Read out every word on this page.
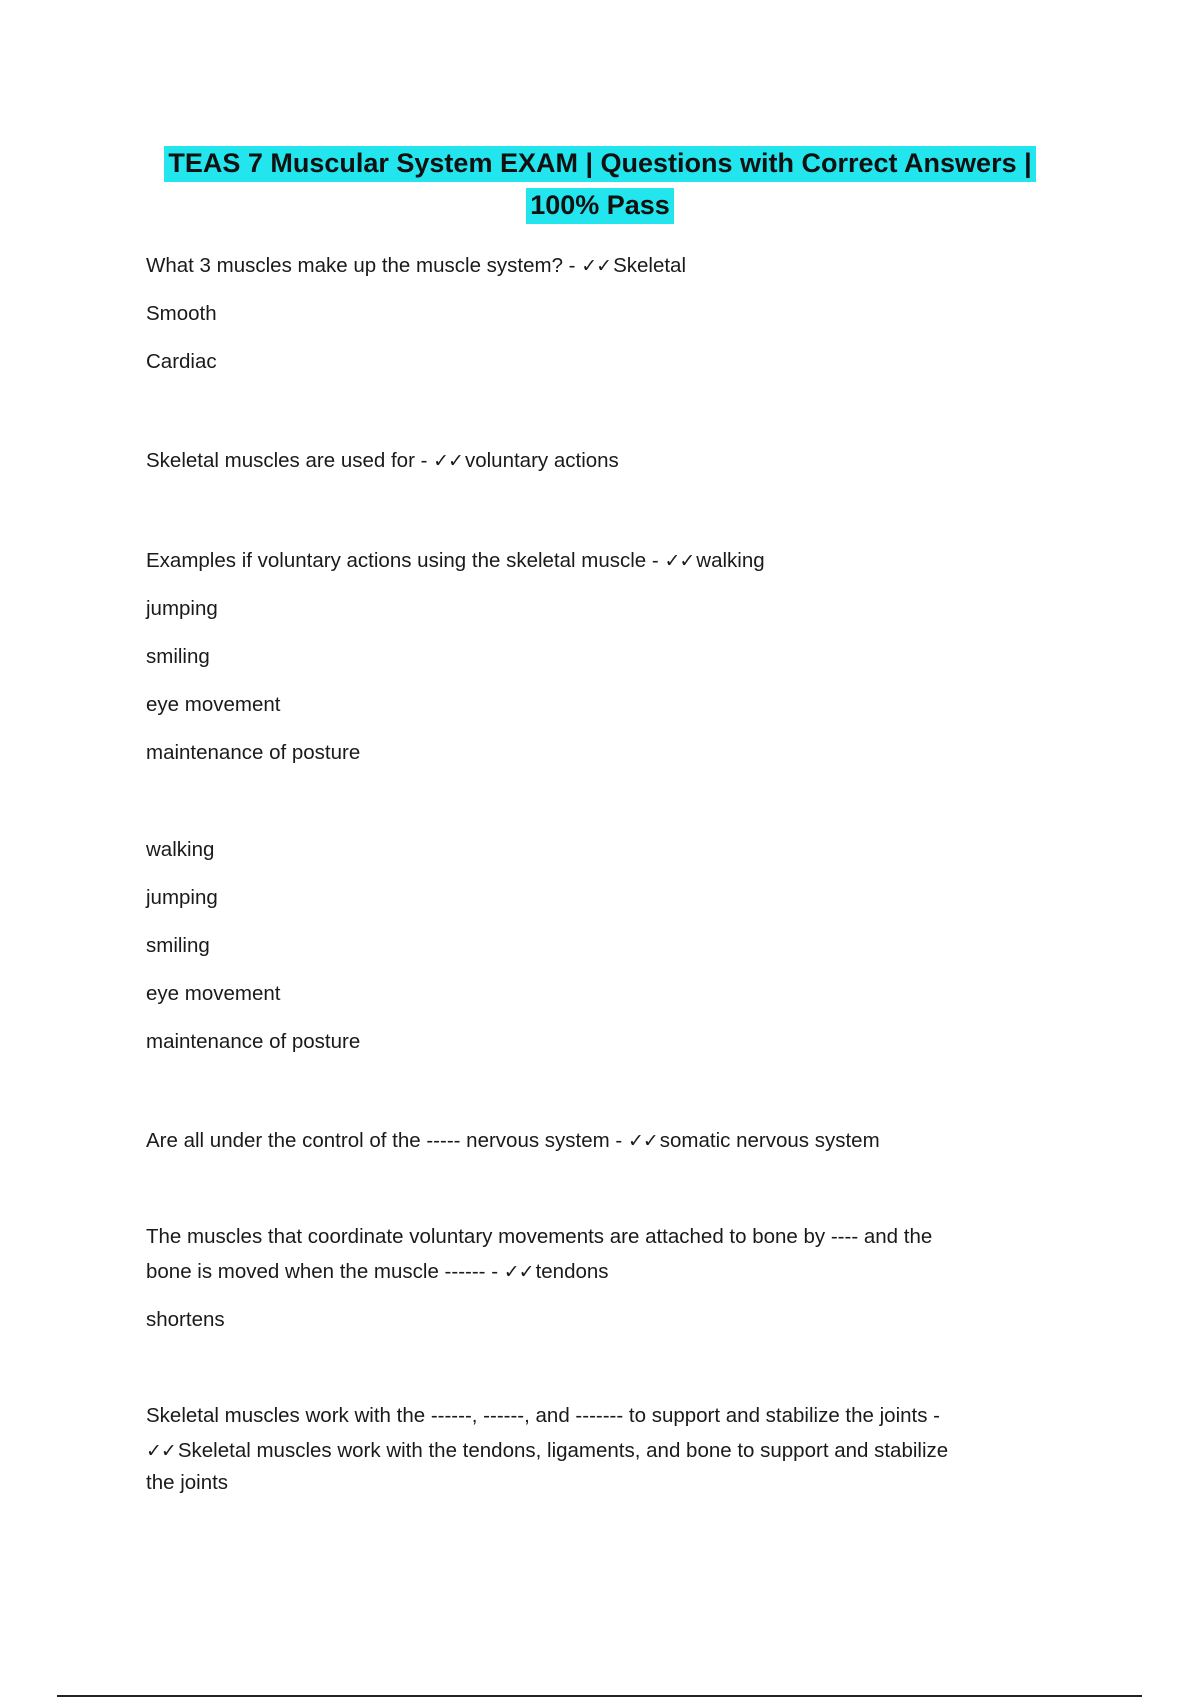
TEAS 7 Muscular System EXAM | Questions with Correct Answers |
100% Pass
What 3 muscles make up the muscle system? - ✓✓Skeletal
Smooth
Cardiac
Skeletal muscles are used for - ✓✓voluntary actions
Examples if voluntary actions using the skeletal muscle - ✓✓walking
jumping
smiling
eye movement
maintenance of posture
walking
jumping
smiling
eye movement
maintenance of posture
Are all under the control of the ----- nervous system - ✓✓somatic nervous system
The muscles that coordinate voluntary movements are attached to bone by ---- and the
bone is moved when the muscle ------ - ✓✓tendons
shortens
Skeletal muscles work with the ------, ------, and ------- to support and stabilize the joints -
✓✓Skeletal muscles work with the tendons, ligaments, and bone to support and stabilize
the joints
